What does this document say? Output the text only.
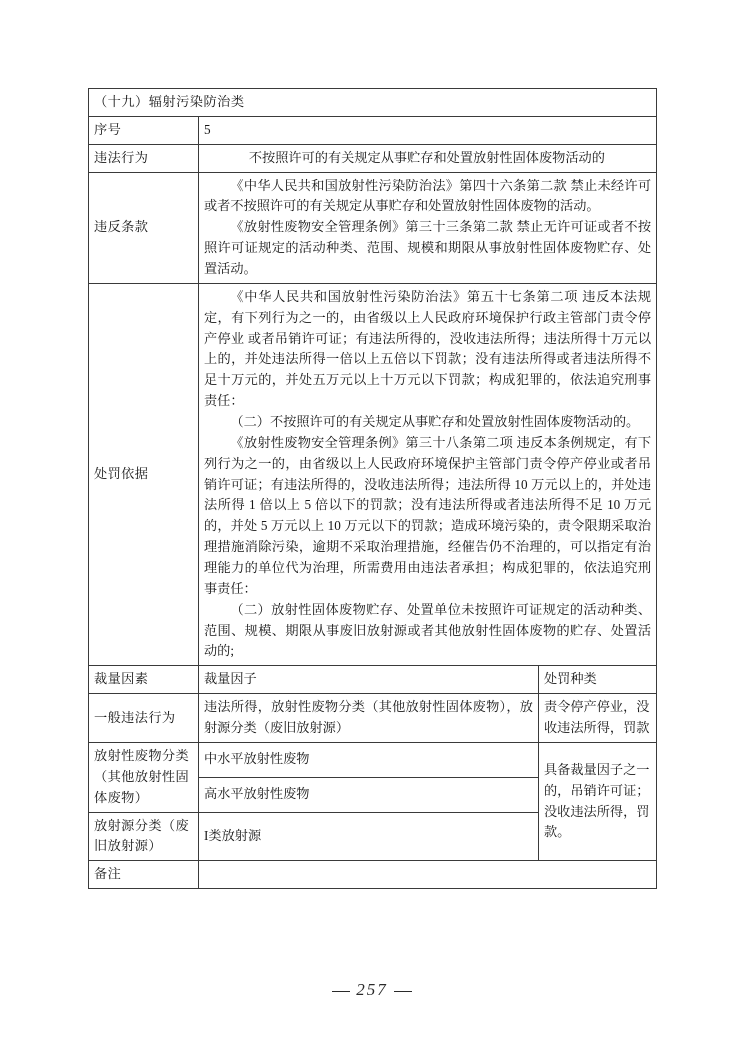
（十九）辐射污染防治类		
序号	5	
违法行为	不按照许可的有关规定从事贮存和处置放射性固体废物活动的	

违反条款	《中华人民共和国放射性污染防治法》第四十六条第二款 禁止未经许可或者不按照许可的有关规定从事贮存和处置放射性固体废物的活动。

《放射性废物安全管理条例》第三十三条第二款 禁止无许可证或者不按照许可证规定的活动种类、范围、规模和期限从事放射性固体废物贮存、处置活动。	

处罚依据	《中华人民共和国放射性污染防治法》第五十七条第二项 违反本法规 定，有下列行为之一的，由省级以上人民政府环境保护行政主管部门责令停产停业 或者吊销许可证；有违法所得的，没收违法所得；违法所得十万元以上的，并处违法所得一倍以上五倍以下罚款；没有违法所得或者违法所得不足十万元的，并处五万元以上十万元以下罚款；构成犯罪的，依法追究刑事责任：

（二）不按照许可的有关规定从事贮存和处置放射性固体废物活动的。

《放射性废物安全管理条例》第三十八条第二项 违反本条例规定，有下列行为之一的，由省级以上人民政府环境保护主管部门责令停产停业或者吊销许可证；有违法所得的，没收违法所得；违法所得 10 万元以上的，并处违法所得 1 倍以上 5 倍以下的罚款；没有违法所得或者违法所得不足 10 万元的，并处 5 万元以上 10 万元以下的罚款；造成环境污染的，责令限期采取治理措施消除污染，逾期不采取治理措施，经催告仍不治理的，可以指定有治理能力的单位代为治理，所需费用由违法者承担；构成犯罪的，依法追究刑事责任：

（二）放射性固体废物贮存、处置单位未按照许可证规定的活动种类、范围、规模、期限从事废旧放射源或者其他放射性固体废物的贮存、处置活动的;	

裁量因素	裁量因子	处罚种类
一般违法行为	违法所得，放射性废物分类（其他放射性固体废物），放射源分类（废旧放射源）	责令停产停业，没收违法所得，罚款
放射性废物分类（其他放射性固体废物）	中水平放射性废物	具备裁量因子之一的，吊销许可证；没收违法所得，罚款。
	高水平放射性废物	
放射源分类（废旧放射源）	I类放射源	
备注		
257
